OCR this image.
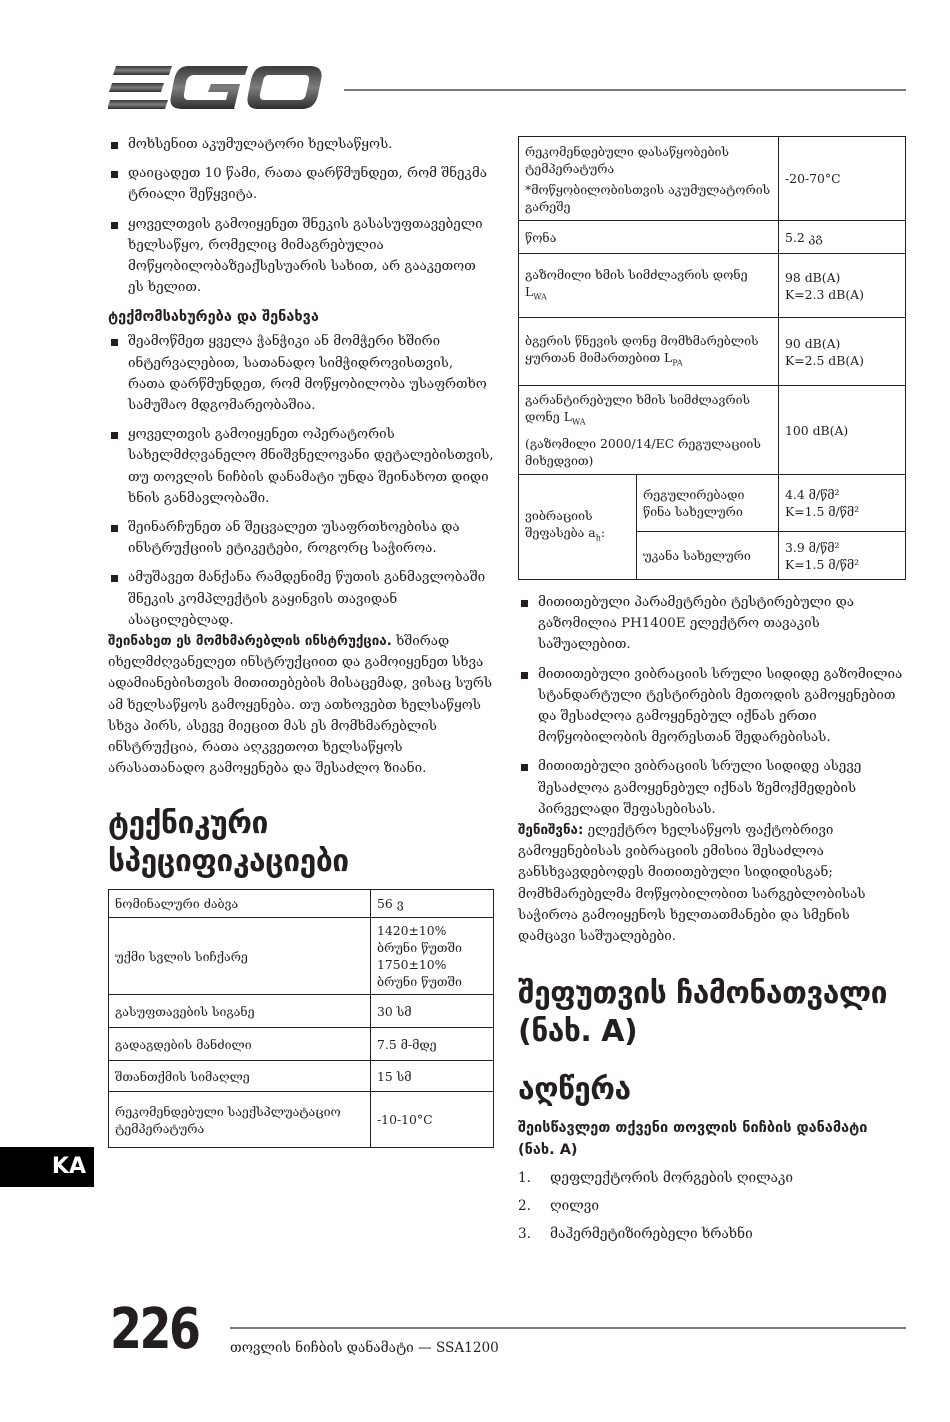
მოხსენით აკუმულატორი ხელსაწყოს.
დაიცადეთ 10 წამი, რათა დარწმუნდეთ, რომ შნეკმა ტრიალი შეწყვიტა.
ყოველთვის გამოიყენეთ შნეკის გასასუფთავებელი ხელსაწყო, რომელიც მიმაგრებულია მოწყობილობაზეაქსესუარის სახით, არ გააკეთოთ ეს ხელით.
ტექმომსახურება და შენახვა
შეამოწმეთ ყველა ჭანჭიკი ან მომჭერი ხშირი ინტერვალებით, სათანადო სიმჭიდროვისთვის, რათა დარწმუნდეთ, რომ მოწყობილობა უსაფრთხო სამუშაო მდგომარეობაშია.
ყოველთვის გამოიყენეთ ოპერატორის სახელმძღვანელო მნიშვნელოვანი დეტალებისთვის, თუ თოვლის ნიჩბის დანამატი უნდა შეინახოთ დიდი ხნის განმავლობაში.
შეინარჩუნეთ ან შეცვალეთ უსაფრთხოებისა და ინსტრუქციის ეტიკეტები, როგორც საჭიროა.
ამუშავეთ მანქანა რამდენიმე წუთის განმავლობაში შნეკის კომპლექტის გაყინვის თავიდან ასაცილებლად.

შეინახეთ ეს მომხმარებლის ინსტრუქცია. ხშირად იხელმძღვანელეთ ინსტრუქციით და გამოიყენეთ სხვა ადამიანებისთვის მითითებების მისაცემად, ვისაც სურს ამ ხელსაწყოს გამოყენება. თუ ათხოვებთ ხელსაწყოს სხვა პირს, ასევე მიეცით მას ეს მომხმარებლის ინსტრუქცია, რათა აღკვეთოთ ხელსაწყოს არასათანადო გამოყენება და შესაძლო ზიანი.

ტექნიკური სპეციფიკაციები
ნომინალური ძაბვა	56 ვ
უქმი სვლის სიჩქარე	1420±10% ბრუნი წუთში 1750±10% ბრუნი წუთში
გასუფთავების სიგანე	30 სმ
გადაგდების მანძილი	7.5 მ-მდე
შთანთქმის სიმაღლე	15 სმ
რეკომენდებული საექსპლუატაციო ტემპერატურა	-10-10°C
რეკომენდებული დასაწყობების ტემპერატურა
*მოწყობილობისთვის აკუმულატორის გარეშე		-20-70°C
წონა		5.2 კგ
გაზომილი ხმის სიმძლავრის დონე $L_{WA}$		98 dB(A)
K=2.3 dB(A)

ბგერის წნევის დონე მომხმარებლის ყურთან მიმართებით $L_{PA}$		90 dB(A)
K=2.5 dB(A)

გარანტირებული ხმის სიმძლავრის დონე $L_{WA}$
(გაზომილი 2000/14/EC რეგულაციის მიხედვით)		100 dB(A)
ვიბრაციის შეფასება $a_h$:	რეგულირებადი წინა სახელური	4.4 მ/წმ²
K=1.5 მ/წმ²

	უკანა სახელური	3.9 მ/წმ²
K=1.5 მ/წმ²
მითითებული პარამეტრები ტესტირებული და გაზომილია PH1400E ელექტრო თავაკის საშუალებით.
მითითებული ვიბრაციის სრული სიდიდე გაზომილია სტანდარტული ტესტირების მეთოდის გამოყენებით და შესაძლოა გამოყენებულ იქნას ერთი მოწყობილობის მეორესთან შედარებისას.
მითითებული ვიბრაციის სრული სიდიდე ასევე შესაძლოა გამოყენებულ იქნას ზემოქმედების პირველადი შეფასებისას.

შენიშვნა: ელექტრო ხელსაწყოს ფაქტობრივი გამოყენებისას ვიბრაციის ემისია შესაძლოა განსხვავდებოდეს მითითებული სიდიდისგან; მომხმარებელმა მოწყობილობით სარგებლობისას საჭიროა გამოიყენოს ხელთათმანები და სმენის დამცავი საშუალებები.

შეფუთვის ჩამონათვალი (ნახ. A)
აღწერა
შეისწავლეთ თქვენი თოვლის ნიჩბის დანამატი (ნახ. A)
1.	დეფლექტორის მორგების ღილაკი
2.	ღილვი
3.	მაჰერმეტიზირებელი ხრახნი
KA
226 თოვლის ნიჩბის დანამატი — SSA1200
